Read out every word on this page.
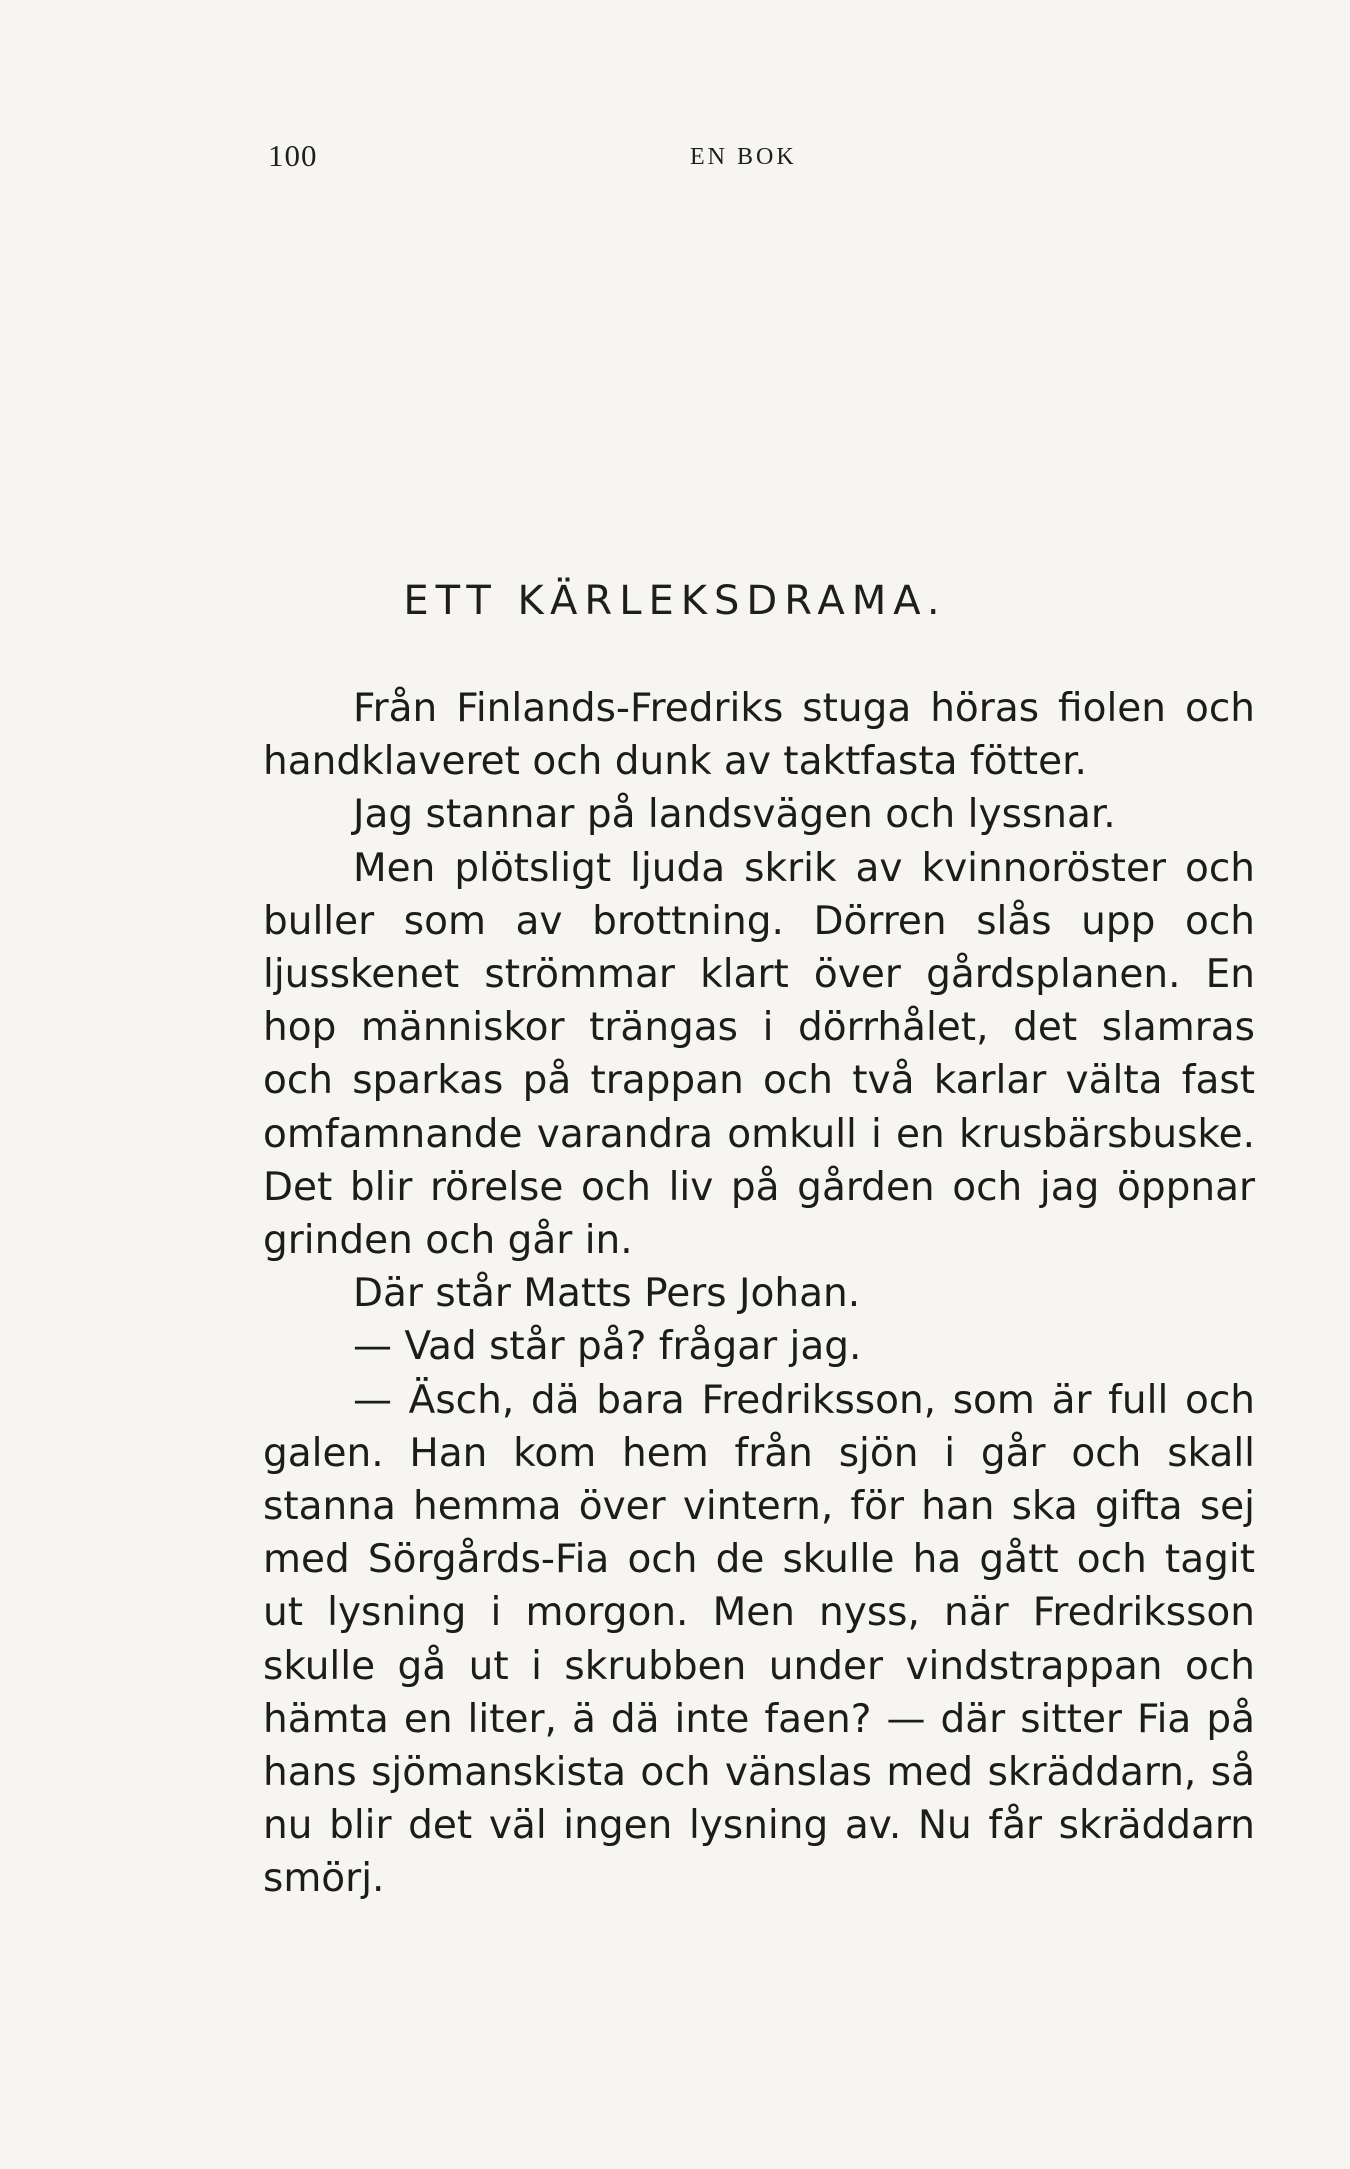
100	EN BOK
ETT KÄRLEKSDRAMA.

Från Finlands-Fredriks stuga höras fiolen och handklaveret och dunk av taktfasta fötter.

Jag stannar på landsvägen och lyssnar.

Men plötsligt ljuda skrik av kvinnoröster och buller som av brottning. Dörren slås upp och ljusskenet strömmar klart över gårdsplanen. En hop människor trängas i dörrhålet, det slamras och sparkas på trappan och två karlar välta fast omfamnande varandra omkull i en krusbärsbuske. Det blir rörelse och liv på gården och jag öppnar grinden och går in.

Där står Matts Pers Johan.

— Vad står på? frågar jag.

— Äsch, dä bara Fredriksson, som är full och galen. Han kom hem från sjön i går och skall stanna hemma över vintern, för han ska gifta sej med Sörgårds-Fia och de skulle ha gått och tagit ut lysning i morgon. Men nyss, när Fredriksson skulle gå ut i skrubben under vindstrappan och hämta en liter, ä dä inte faen? — där sitter Fia på hans sjömanskista och vänslas med skräddarn, så nu blir det väl ingen lysning av. Nu får skräddarn smörj.
